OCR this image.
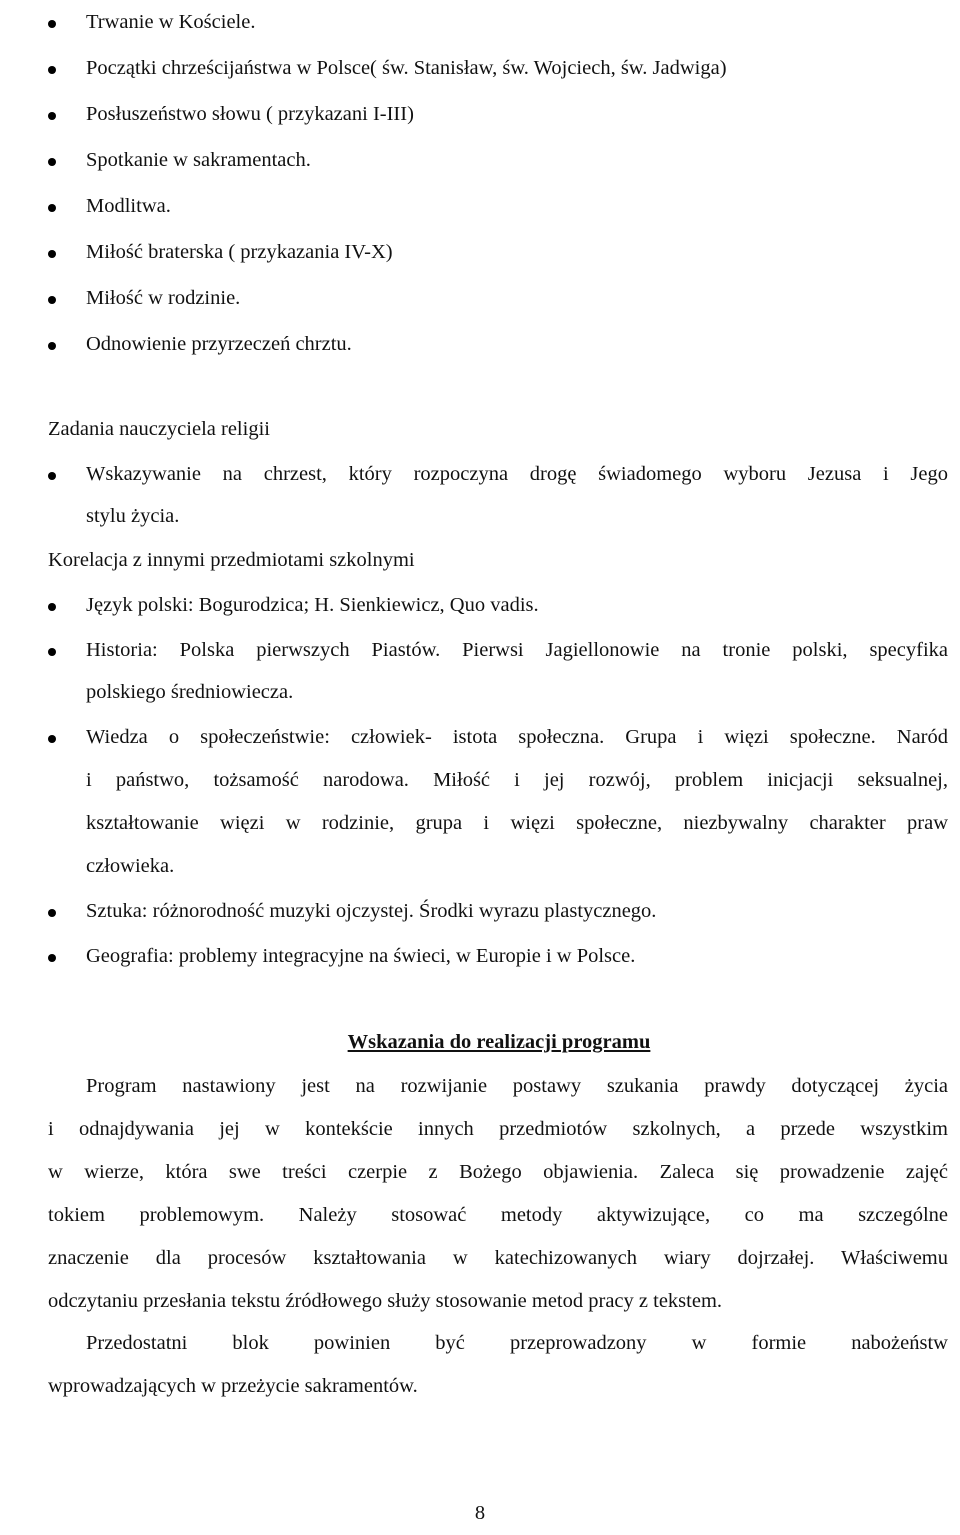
Trwanie w Kościele.
Początki chrześcijaństwa w Polsce( św. Stanisław, św. Wojciech, św. Jadwiga)
Posłuszeństwo słowu ( przykazani I-III)
Spotkanie w sakramentach.
Modlitwa.
Miłość braterska ( przykazania IV-X)
Miłość w rodzinie.
Odnowienie przyrzeczeń chrztu.
Zadania nauczyciela religii
Wskazywanie na chrzest, który rozpoczyna drogę świadomego wyboru Jezusa i Jego
stylu życia.
Korelacja z innymi przedmiotami szkolnymi
Język polski: Bogurodzica; H. Sienkiewicz, Quo vadis.
Historia: Polska pierwszych Piastów. Pierwsi Jagiellonowie na tronie polski, specyfika
polskiego średniowiecza.
Wiedza o społeczeństwie: człowiek- istota społeczna. Grupa i więzi społeczne. Naród
i państwo, tożsamość narodowa. Miłość i jej rozwój, problem inicjacji seksualnej,
kształtowanie więzi w rodzinie, grupa i więzi społeczne, niezbywalny charakter praw
człowieka.
Sztuka: różnorodność muzyki ojczystej. Środki wyrazu plastycznego.
Geografia: problemy integracyjne na świeci, w Europie i w Polsce.
Wskazania do realizacji programu
Program nastawiony jest na rozwijanie postawy szukania prawdy dotyczącej życia
i odnajdywania jej w kontekście innych przedmiotów szkolnych, a przede wszystkim
w wierze, która swe treści czerpie z Bożego objawienia. Zaleca się prowadzenie zajęć
tokiem problemowym. Należy stosować metody aktywizujące, co ma szczególne
znaczenie dla procesów kształtowania w katechizowanych wiary dojrzałej. Właściwemu
odczytaniu przesłania tekstu źródłowego służy stosowanie metod pracy z tekstem.
Przedostatni blok powinien być przeprowadzony w formie nabożeństw
wprowadzających w przeżycie sakramentów.
8
